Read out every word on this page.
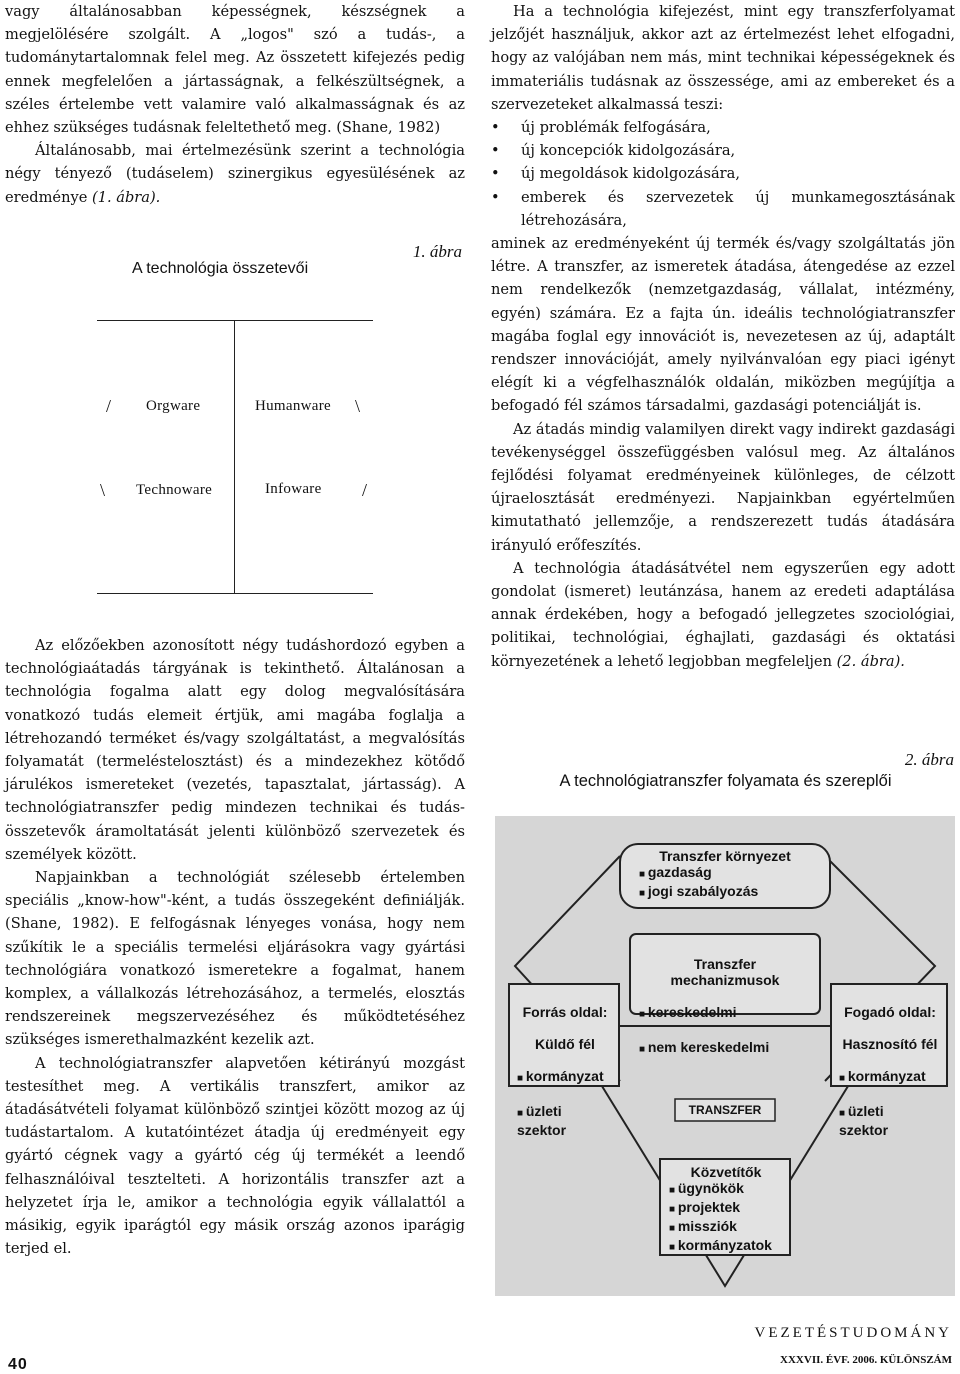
vagy általánosabban képességnek, készségnek a megjelölésére szolgált. A „logos" szó a tudás-, a tudománytartalomnak felel meg. Az összetett kifejezés pedig ennek megfelelően a jártasságnak, a felkészültségnek, a széles értelembe vett valamire való alkalmasságnak és az ehhez szükséges tudásnak feleltethető meg. (Shane, 1982)

Általánosabb, mai értelmezésünk szerint a technológia négy tényező (tudáselem) szinergikus egyesülésének az eredménye (1. ábra).

1. ábra
A technológia összetevői
/ Orgware	Humanware \
\ Technoware	Infoware /

Az előzőekben azonosított négy tudáshordozó egyben a technológiaátadás tárgyának is tekinthető. Általánosan a technológia fogalma alatt egy dolog megvalósítására vonatkozó tudás elemeit értjük, ami magába foglalja a létrehozandó terméket és/vagy szolgáltatást, a megvalósítás folyamatát (termeléstelosztást) és a mindezekhez kötődő járulékos ismereteket (vezetés, tapasztalat, jártasság). A technológiatranszfer pedig mindezen technikai és tudás-összetevők áramoltatását jelenti különböző szervezetek és személyek között.

Napjainkban a technológiát szélesebb értelemben speciális „know-how"-ként, a tudás összegeként definiálják. (Shane, 1982). E felfogásnak lényeges vonása, hogy nem szűkítik le a speciális termelési eljárásokra vagy gyártási technológiára vonatkozó ismeretekre a fogalmat, hanem komplex, a vállalkozás létrehozásához, a termelés, elosztás rendszereinek megszervezéséhez és működtetéséhez szükséges ismerethalmazként kezelik azt.

A technológiatranszfer alapvetően kétirányú mozgást testesíthet meg. A vertikális transzfert, amikor az átadásátvételi folyamat különböző szintjei között mozog az új tudástartalom. A kutatóintézet átadja új eredményeit egy gyártó cégnek vagy a gyártó cég új termékét a leendő felhasználóival tesztelteti. A horizontális transzfer azt a helyzetet írja le, amikor a technológia egyik vállalattól a másikig, egyik iparágtól egy másik ország azonos iparágig terjed el.

Ha a technológia kifejezést, mint egy transzferfolyamat jelzőjét használjuk, akkor azt az értelmezést lehet elfogadni, hogy az valójában nem más, mint technikai képességeknek és immateriális tudásnak az összessége, ami az embereket és a szervezeteket alkalmassá teszi:

• új problémák felfogására,
• új koncepciók kidolgozására,
• új megoldások kidolgozására,
• emberek és szervezetek új munkamegosztásának létrehozására,

aminek az eredményeként új termék és/vagy szolgáltatás jön létre. A transzfer, az ismeretek átadása, átengedése az ezzel nem rendelkezők (nemzetgazdaság, vállalat, intézmény, egyén) számára. Ez a fajta ún. ideális technológiatranszfer magába foglal egy innovációt is, nevezetesen az új, adaptált rendszer innovációját, amely nyilvánvalóan egy piaci igényt elégít ki a végfelhasználók oldalán, miközben megújítja a befogadó fél számos társadalmi, gazdasági potenciálját is.

Az átadás mindig valamilyen direkt vagy indirekt gazdasági tevékenységgel összefüggésben valósul meg. Az általános fejlődési folyamat eredményeinek különleges, de célzott újraelosztását eredményezi. Napjainkban egyértelműen kimutatható jellemzője, a rendszerezett tudás átadására irányuló erőfeszítés.

A technológia átadásátvétel nem egyszerűen egy adott gondolat (ismeret) leutánzása, hanem az eredeti adaptálása annak érdekében, hogy a befogadó jellegzetes szociológiai, politikai, technológiai, éghajlati, gazdasági és oktatási környezetének a lehető legjobban megfeleljen (2. ábra).

2. ábra
A technológiatranszfer folyamata és szereplői
Transzfer környezet
■ gazdaság
■ jogi szabályozás

Transzfer
mechanizmusok

■ kereskedelmi

■ nem kereskedelmi

Forrás oldal:

Küldő fél

■ kormányzat

■ üzleti
szektor

Fogadó oldal:

Hasznosító fél

■ kormányzat

■ üzleti
szektor

TRANSZFER
Közvetítők
■ ügynökök
■ projektek
■ missziók
■ kormányzatok
40
VEZETÉSTUDOMÁNY
XXXVII. ÉVF. 2006. KÜLÖNSZÁM
